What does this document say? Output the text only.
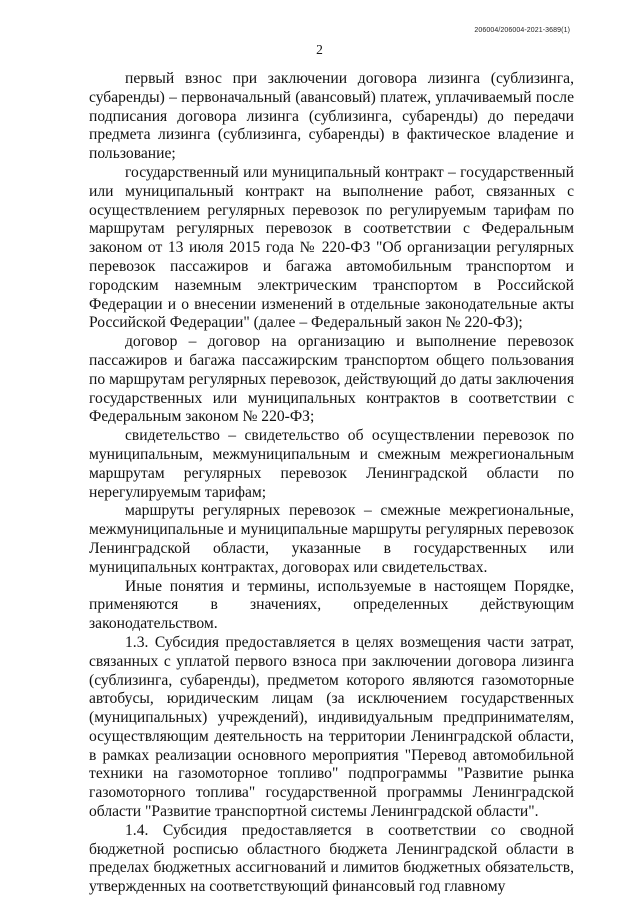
206004/206004-2021-3689(1)
2

первый взнос при заключении договора лизинга (сублизинга, субаренды) – первоначальный (авансовый) платеж, уплачиваемый после подписания договора лизинга (сублизинга, субаренды) до передачи предмета лизинга (сублизинга, субаренды) в фактическое владение и пользование;

государственный или муниципальный контракт – государственный или муниципальный контракт на выполнение работ, связанных с осуществлением регулярных перевозок по регулируемым тарифам по маршрутам регулярных перевозок в соответствии с Федеральным законом от 13 июля 2015 года № 220-ФЗ "Об организации регулярных перевозок пассажиров и багажа автомобильным транспортом и городским наземным электрическим транспортом в Российской Федерации и о внесении изменений в отдельные законодательные акты Российской Федерации" (далее – Федеральный закон № 220-ФЗ);

договор – договор на организацию и выполнение перевозок пассажиров и багажа пассажирским транспортом общего пользования по маршрутам регулярных перевозок, действующий до даты заключения государственных или муниципальных контрактов в соответствии с Федеральным законом № 220-ФЗ;

свидетельство – свидетельство об осуществлении перевозок по муниципальным, межмуниципальным и смежным межрегиональным маршрутам регулярных перевозок Ленинградской области по нерегулируемым тарифам;

маршруты регулярных перевозок – смежные межрегиональные, межмуниципальные и муниципальные маршруты регулярных перевозок Ленинградской области, указанные в государственных или муниципальных контрактах, договорах или свидетельствах.

Иные понятия и термины, используемые в настоящем Порядке, применяются в значениях, определенных действующим законодательством.

1.3. Субсидия предоставляется в целях возмещения части затрат, связанных с уплатой первого взноса при заключении договора лизинга (сублизинга, субаренды), предметом которого являются газомоторные автобусы, юридическим лицам (за исключением государственных (муниципальных) учреждений), индивидуальным предпринимателям, осуществляющим деятельность на территории Ленинградской области, в рамках реализации основного мероприятия "Перевод автомобильной техники на газомоторное топливо" подпрограммы "Развитие рынка газомоторного топлива" государственной программы Ленинградской области "Развитие транспортной системы Ленинградской области".

1.4. Субсидия предоставляется в соответствии со сводной бюджетной росписью областного бюджета Ленинградской области в пределах бюджетных ассигнований и лимитов бюджетных обязательств, утвержденных на соответствующий финансовый год главному
